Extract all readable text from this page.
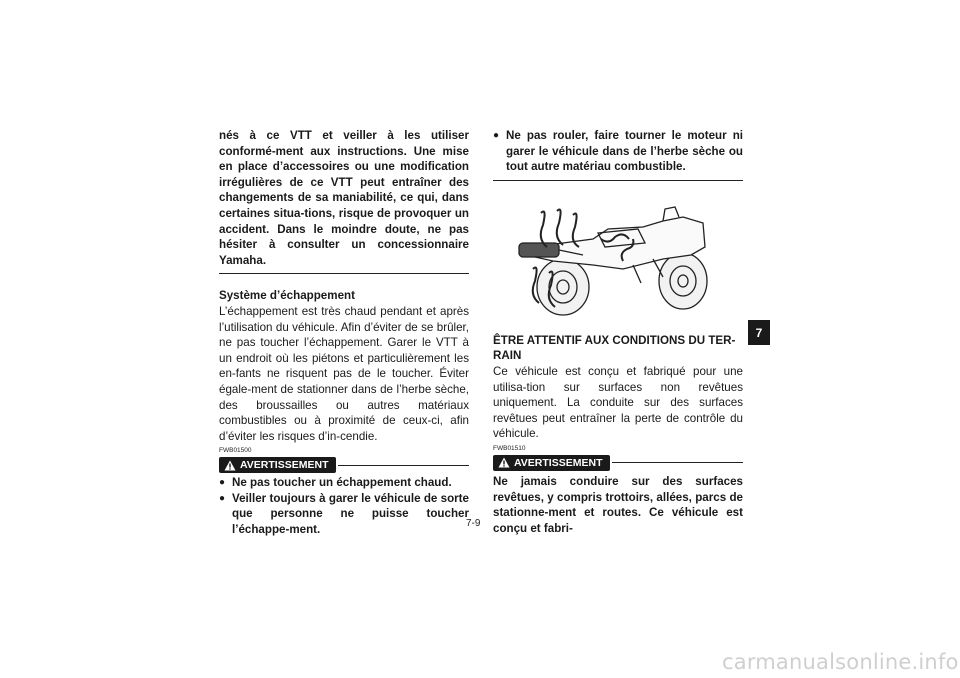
nés à ce VTT et veiller à les utiliser conformé-ment aux instructions. Une mise en place d’accessoires ou une modification irrégulières de ce VTT peut entraîner des changements de sa maniabilité, ce qui, dans certaines situa-tions, risque de provoquer un accident. Dans le moindre doute, ne pas hésiter à consulter un concessionnaire Yamaha.

Système d’échappement

L’échappement est très chaud pendant et après l’utilisation du véhicule. Afin d’éviter de se brûler, ne pas toucher l’échappement. Garer le VTT à un endroit où les piétons et particulièrement les en-fants ne risquent pas de le toucher. Éviter égale-ment de stationner dans de l’herbe sèche, des broussailles ou autres matériaux combustibles ou à proximité de ceux-ci, afin d’éviter les risques d’in-cendie.

FWB01500
AVERTISSEMENT
● Ne pas toucher un échappement chaud.
● Veiller toujours à garer le véhicule de sorte que personne ne puisse toucher l’échappe-ment.
● Ne pas rouler, faire tourner le moteur ni garer le véhicule dans de l’herbe sèche ou tout autre matériau combustible.

ÊTRE ATTENTIF AUX CONDITIONS DU TER-RAIN

Ce véhicule est conçu et fabriqué pour une utilisa-tion sur surfaces non revêtues uniquement. La conduite sur des surfaces revêtues peut entraîner la perte de contrôle du véhicule.

FWB01510
AVERTISSEMENT

Ne jamais conduire sur des surfaces revêtues, y compris trottoirs, allées, parcs de stationne-ment et routes. Ce véhicule est conçu et fabri-

7
7-9
carmanualsonline.info
